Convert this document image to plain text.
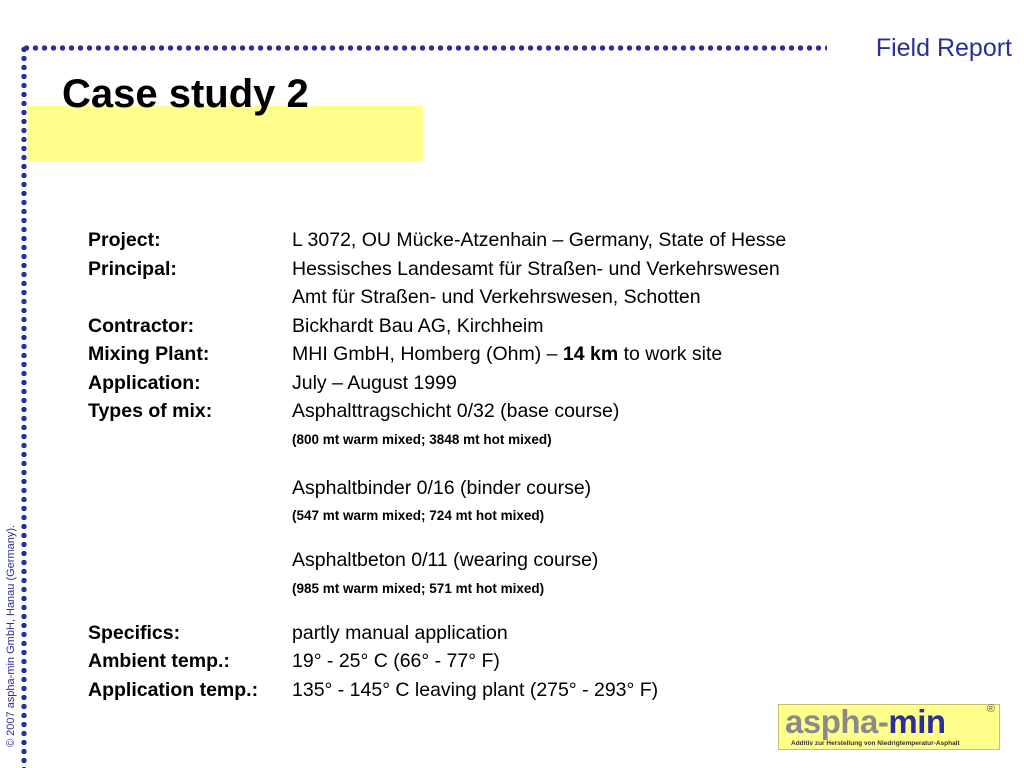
Field Report
Case study 2
© 2007 aspha-min GmbH, Hanau (Germany).
Project:	L 3072, OU Mücke-Atzenhain – Germany, State of Hesse
Principal:	Hessisches Landesamt für Straßen- und Verkehrswesen
Amt für Straßen- und Verkehrswesen, Schotten
Contractor:	Bickhardt Bau AG, Kirchheim
Mixing Plant:	MHI GmbH, Homberg (Ohm) – 14 km to work site
Application:	July – August 1999
Types of mix:	Asphalttragschicht 0/32 (base course)
(800 mt warm mixed; 3848 mt hot mixed)
Asphaltbinder 0/16 (binder course)
(547 mt warm mixed; 724 mt hot mixed)
Asphaltbeton 0/11 (wearing course)
(985 mt warm mixed; 571 mt hot mixed)
Specifics:	partly manual application
Ambient temp.:	19° - 25° C (66° - 77° F)
Application temp.: 135° - 145° C leaving plant (275° - 293° F)
aspha-min	®
Additiv zur Herstellung von Niedrigtemperatur-Asphalt
